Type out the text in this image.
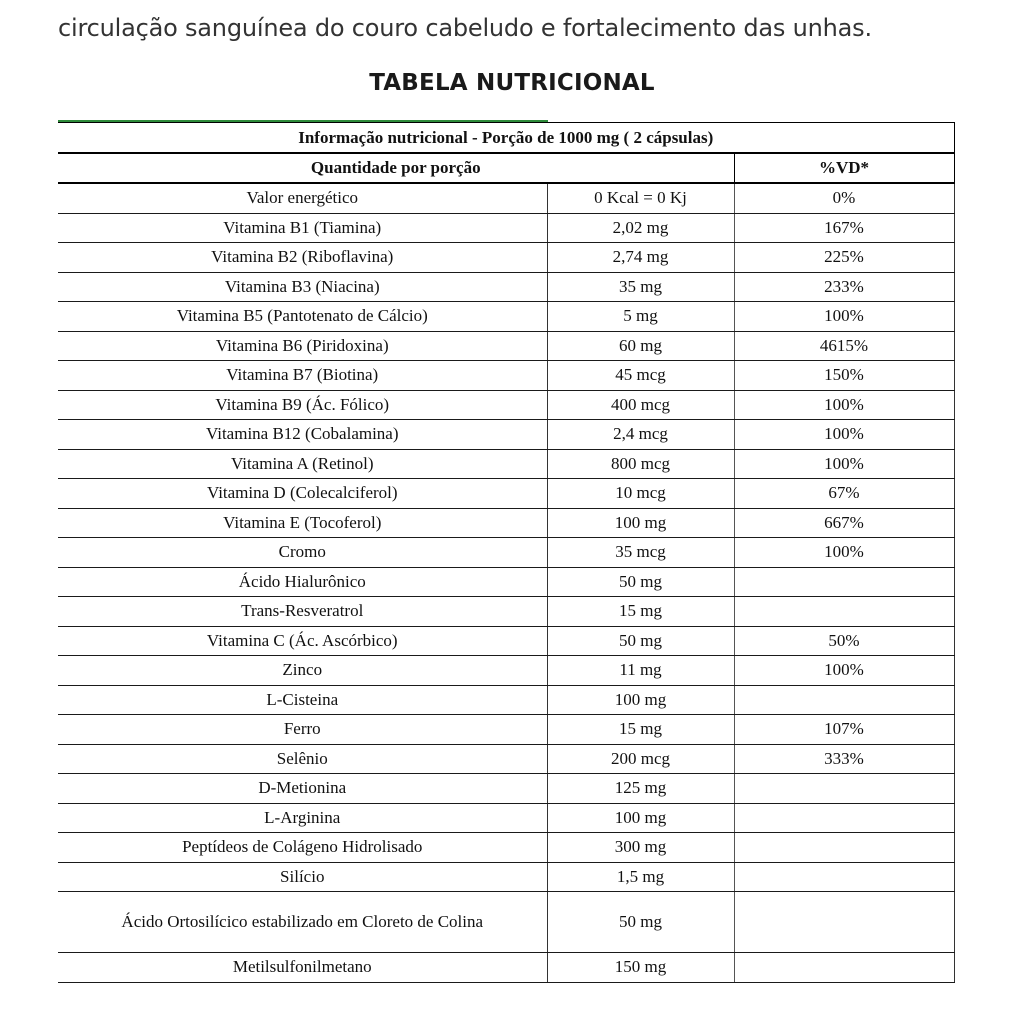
circulação sanguínea do couro cabeludo e fortalecimento das unhas.
TABELA NUTRICIONAL
Informação nutricional - Porção de 1000 mg ( 2 cápsulas)		
Quantidade por porção		%VD*
Valor energético	0 Kcal = 0 Kj	0%
Vitamina B1 (Tiamina)	2,02 mg	167%
Vitamina B2 (Riboflavina)	2,74 mg	225%
Vitamina B3 (Niacina)	35 mg	233%
Vitamina B5 (Pantotenato de Cálcio)	5 mg	100%
Vitamina B6 (Piridoxina)	60 mg	4615%
Vitamina B7 (Biotina)	45 mcg	150%
Vitamina B9 (Ác. Fólico)	400 mcg	100%
Vitamina B12 (Cobalamina)	2,4 mcg	100%
Vitamina A (Retinol)	800 mcg	100%
Vitamina D (Colecalciferol)	10 mcg	67%
Vitamina E (Tocoferol)	100 mg	667%
Cromo	35 mcg	100%
Ácido Hialurônico	50 mg	
Trans-Resveratrol	15 mg	
Vitamina C (Ác. Ascórbico)	50 mg	50%
Zinco	11 mg	100%
L-Cisteina	100 mg	
Ferro	15 mg	107%
Selênio	200 mcg	333%
D-Metionina	125 mg	
L-Arginina	100 mg	
Peptídeos de Colágeno Hidrolisado	300 mg	
Silício	1,5 mg	
Ácido Ortosilícico estabilizado em Cloreto de Colina	50 mg	
Metilsulfonilmetano	150 mg	
